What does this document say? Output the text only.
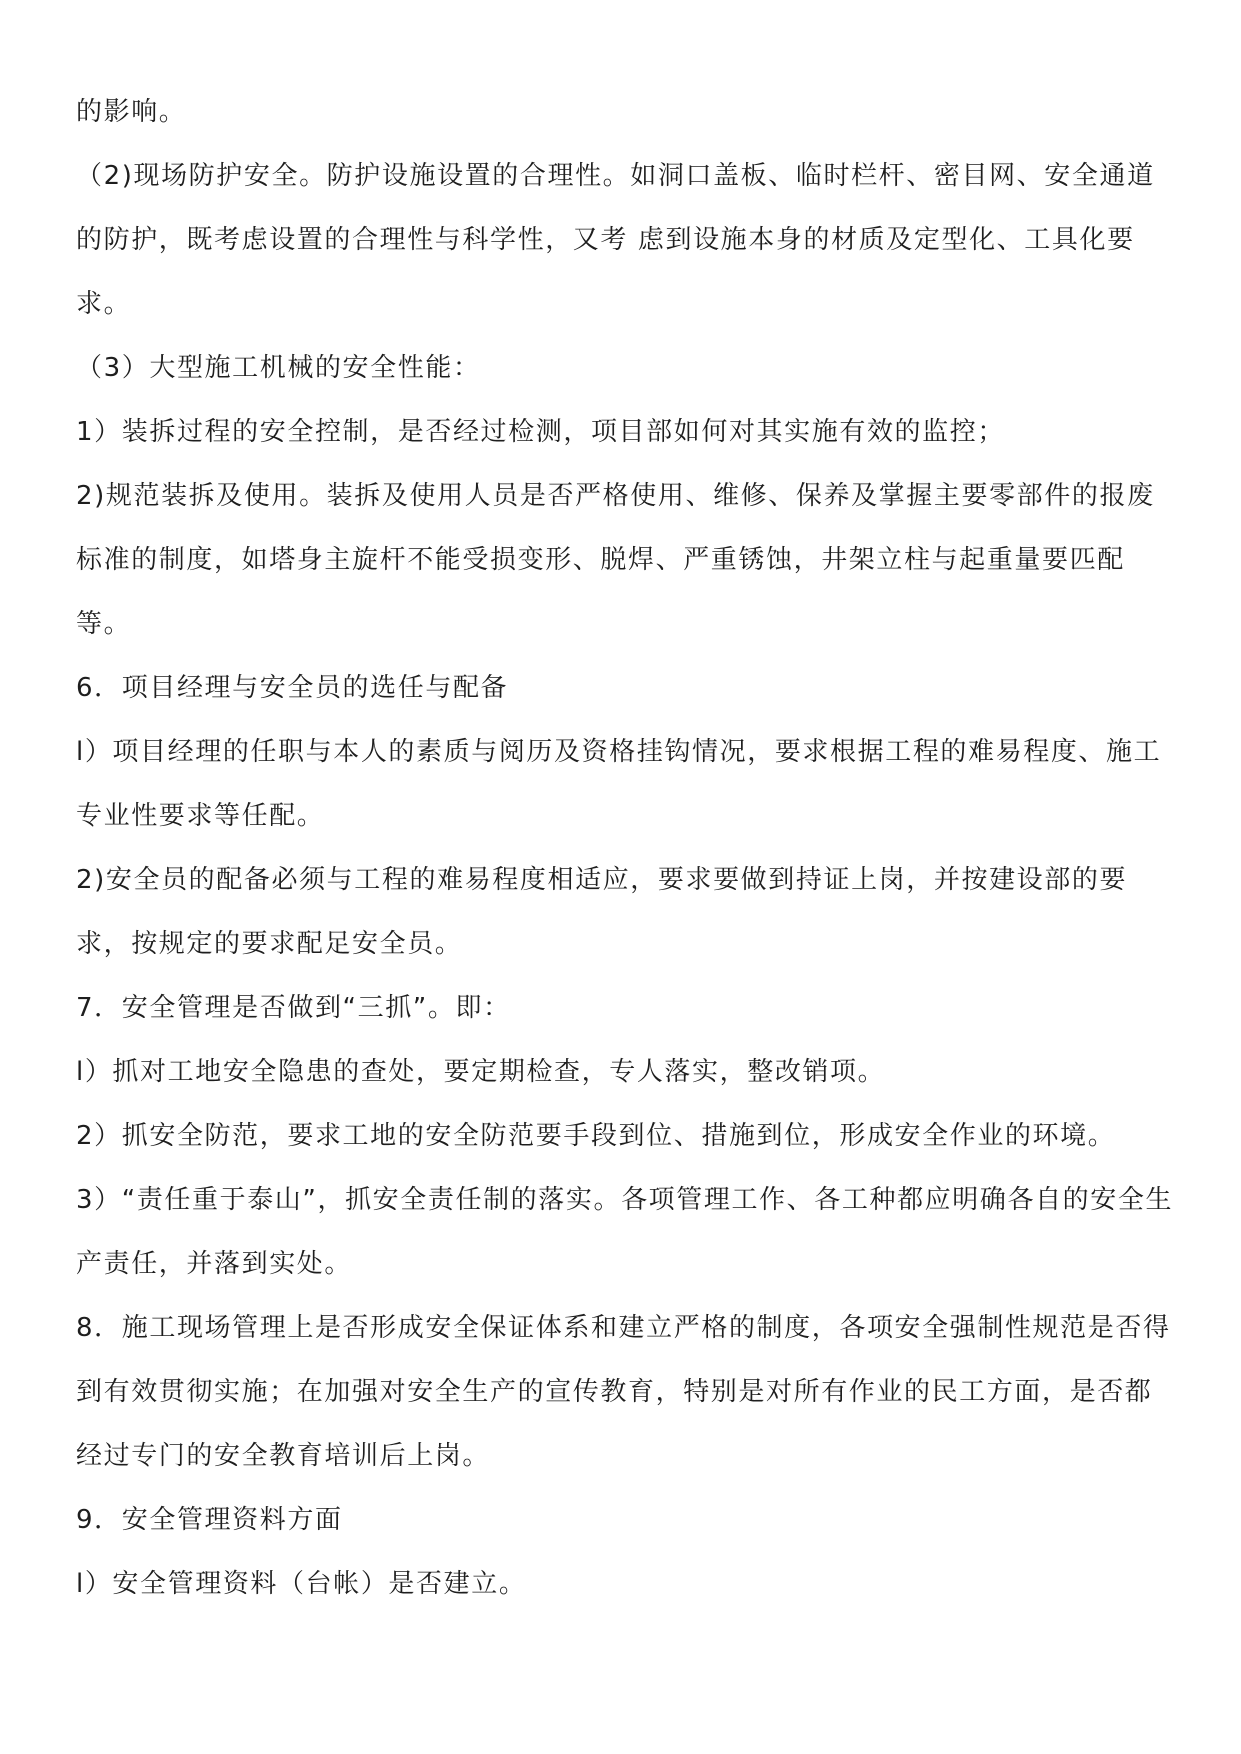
的影响。

（2)现场防护安全。防护设施设置的合理性。如洞口盖板、临时栏杆、密目网、安全通道的防护，既考虑设置的合理性与科学性，又考 虑到设施本身的材质及定型化、工具化要求。

（3）大型施工机械的安全性能：

1）装拆过程的安全控制，是否经过检测，项目部如何对其实施有效的监控；

2)规范装拆及使用。装拆及使用人员是否严格使用、维修、保养及掌握主要零部件的报废标准的制度，如塔身主旋杆不能受损变形、脱焊、严重锈蚀，井架立柱与起重量要匹配等。

6．项目经理与安全员的选任与配备

l）项目经理的任职与本人的素质与阅历及资格挂钩情况，要求根据工程的难易程度、施工专业性要求等任配。

2)安全员的配备必须与工程的难易程度相适应，要求要做到持证上岗，并按建设部的要求，按规定的要求配足安全员。

7．安全管理是否做到“三抓”。即：

l）抓对工地安全隐患的查处，要定期检查，专人落实，整改销项。

2）抓安全防范，要求工地的安全防范要手段到位、措施到位，形成安全作业的环境。

3）“责任重于泰山”，抓安全责任制的落实。各项管理工作、各工种都应明确各自的安全生产责任，并落到实处。

8．施工现场管理上是否形成安全保证体系和建立严格的制度，各项安全强制性规范是否得到有效贯彻实施；在加强对安全生产的宣传教育，特别是对所有作业的民工方面，是否都经过专门的安全教育培训后上岗。

9．安全管理资料方面

l）安全管理资料（台帐）是否建立。
